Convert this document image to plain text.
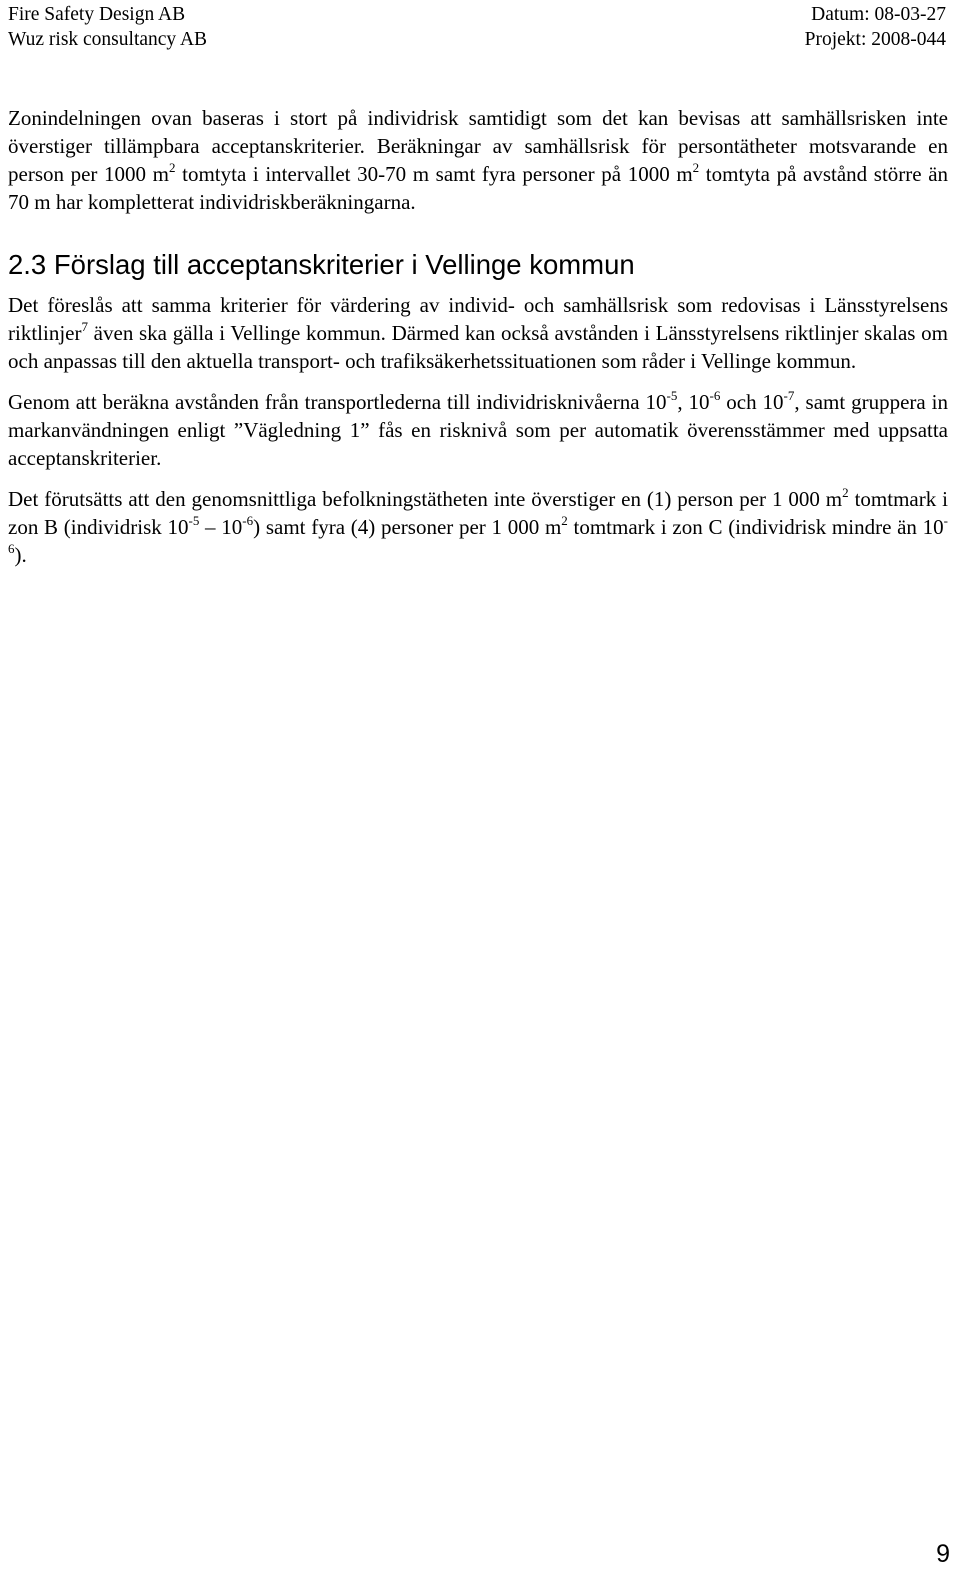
Fire Safety Design AB	Datum: 08-03-27
Wuz risk consultancy AB	Projekt: 2008-044

Zonindelningen ovan baseras i stort på individrisk samtidigt som det kan bevisas att samhällsrisken inte överstiger tillämpbara acceptanskriterier. Beräkningar av samhällsrisk för persontätheter motsvarande en person per 1000 $m^2$ tomtyta i intervallet 30-70 m samt fyra personer på 1000 $m^2$ tomtyta på avstånd större än 70 m har kompletterat individriskberäkningarna.

2.3 Förslag till acceptanskriterier i Vellinge kommun

Det föreslås att samma kriterier för värdering av individ- och samhällsrisk som redovisas i Länsstyrelsens riktlinjer$^7$ även ska gälla i Vellinge kommun. Därmed kan också avstånden i Länsstyrelsens riktlinjer skalas om och anpassas till den aktuella transport- och trafiksäkerhetssituationen som råder i Vellinge kommun.

Genom att beräkna avstånden från transportlederna till individrisknivåerna $10^{-5}$, $10^{-6}$ och $10^{-7}$, samt gruppera in markanvändningen enligt ”Vägledning 1” fås en risknivå som per automatik överensstämmer med uppsatta acceptanskriterier.

Det förutsätts att den genomsnittliga befolkningstätheten inte överstiger en (1) person per 1 000 $m^2$ tomtmark i zon B (individrisk $10^{-5} - 10^{-6}$) samt fyra (4) personer per 1 000 $m^2$ tomtmark i zon C (individrisk mindre än $10^{-6}$).

9
